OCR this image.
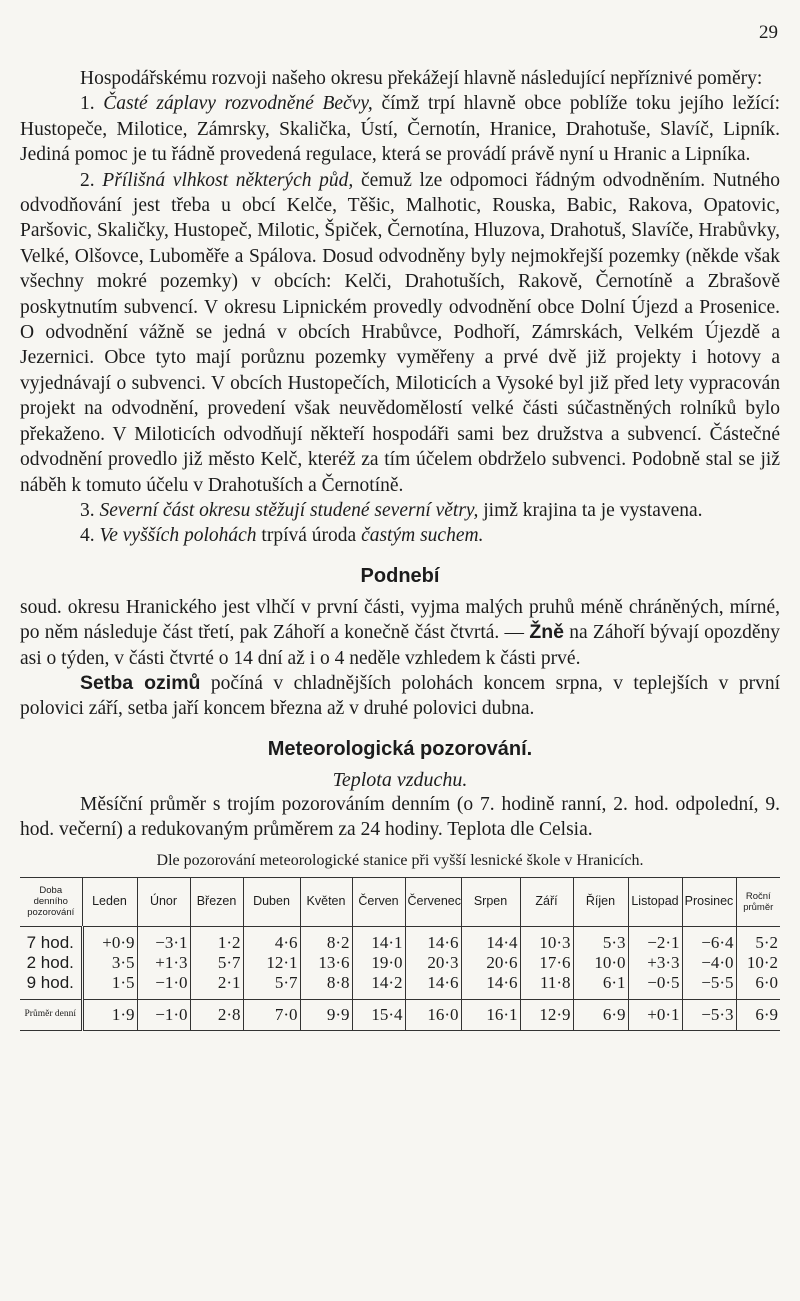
29

Hospodářskému rozvoji našeho okresu překážejí hlavně následující nepříznivé poměry:

1. Časté záplavy rozvodněné Bečvy, čímž trpí hlavně obce poblíže toku jejího ležící: Hustopeče, Milotice, Zámrsky, Skalička, Ústí, Černotín, Hranice, Drahotuše, Slavíč, Lipník. Jediná pomoc je tu řádně provedená regulace, která se provádí právě nyní u Hranic a Lipníka.

2. Přílišná vlhkost některých půd, čemuž lze odpomoci řádným odvodněním. Nutného odvodňování jest třeba u obcí Kelče, Těšic, Malhotic, Rouska, Babic, Rakova, Opatovic, Paršovic, Skaličky, Hustopeč, Milotic, Špiček, Černotína, Hluzova, Drahotuš, Slavíče, Hrabůvky, Velké, Olšovce, Luboměře a Spálova. Dosud odvodněny byly nejmokřejší pozemky (někde však všechny mokré pozemky) v obcích: Kelči, Drahotuších, Rakově, Černotíně a Zbrašově poskytnutím subvencí. V okresu Lipnickém provedly odvodnění obce Dolní Újezd a Prosenice. O odvodnění vážně se jedná v obcích Hrabůvce, Podhoří, Zámrskách, Velkém Újezdě a Jezernici. Obce tyto mají porůznu pozemky vyměřeny a prvé dvě již projekty i hotovy a vyjednávají o subvenci. V obcích Hustopečích, Miloticích a Vysoké byl již před lety vypracován projekt na odvodnění, provedení však neuvědomělostí velké části súčastněných rolníků bylo překaženo. V Miloticích odvodňují někteří hospodáři sami bez družstva a subvencí. Částečné odvodnění provedlo již město Kelč, kteréž za tím účelem obdrželo subvenci. Podobně stal se již náběh k tomuto účelu v Drahotuších a Černotíně.

3. Severní část okresu stěžují studené severní větry, jimž krajina ta je vystavena.

4. Ve vyšších polohách trpívá úroda častým suchem.

Podnebí

soud. okresu Hranického jest vlhčí v první části, vyjma malých pruhů méně chráněných, mírné, po něm následuje část třetí, pak Záhoří a konečně část čtvrtá. — Žně na Záhoří bývají opozděny asi o týden, v části čtvrté o 14 dní až i o 4 neděle vzhledem k části prvé.

Setba ozimů počíná v chladnějších polohách koncem srpna, v teplejších v první polovici září, setba jaří koncem března až v druhé polovici dubna.

Meteorologická pozorování.
Teplota vzduchu.

Měsíční průměr s trojím pozorováním denním (o 7. hodině ranní, 2. hod. odpolední, 9. hod. večerní) a redukovaným průměrem za 24 hodiny. Teplota dle Celsia.

Dle pozorování meteorologické stanice při vyšší lesnické škole v Hranicích.
Doba denního pozorování	Leden	Únor	Březen	Duben	Květen	Červen	Červenec	Srpen	Září	Říjen	Listopad	Prosinec	Roční průměr
7 hod.	+0·9	−3·1	1·2	4·6	8·2	14·1	14·6	14·4	10·3	5·3	−2·1	−6·4	5·2
2 hod.	3·5	+1·3	5·7	12·1	13·6	19·0	20·3	20·6	17·6	10·0	+3·3	−4·0	10·2
9 hod.	1·5	−1·0	2·1	5·7	8·8	14·2	14·6	14·6	11·8	6·1	−0·5	−5·5	6·0
Průměr denní	1·9	−1·0	2·8	7·0	9·9	15·4	16·0	16·1	12·9	6·9	+0·1	−5·3	6·9
